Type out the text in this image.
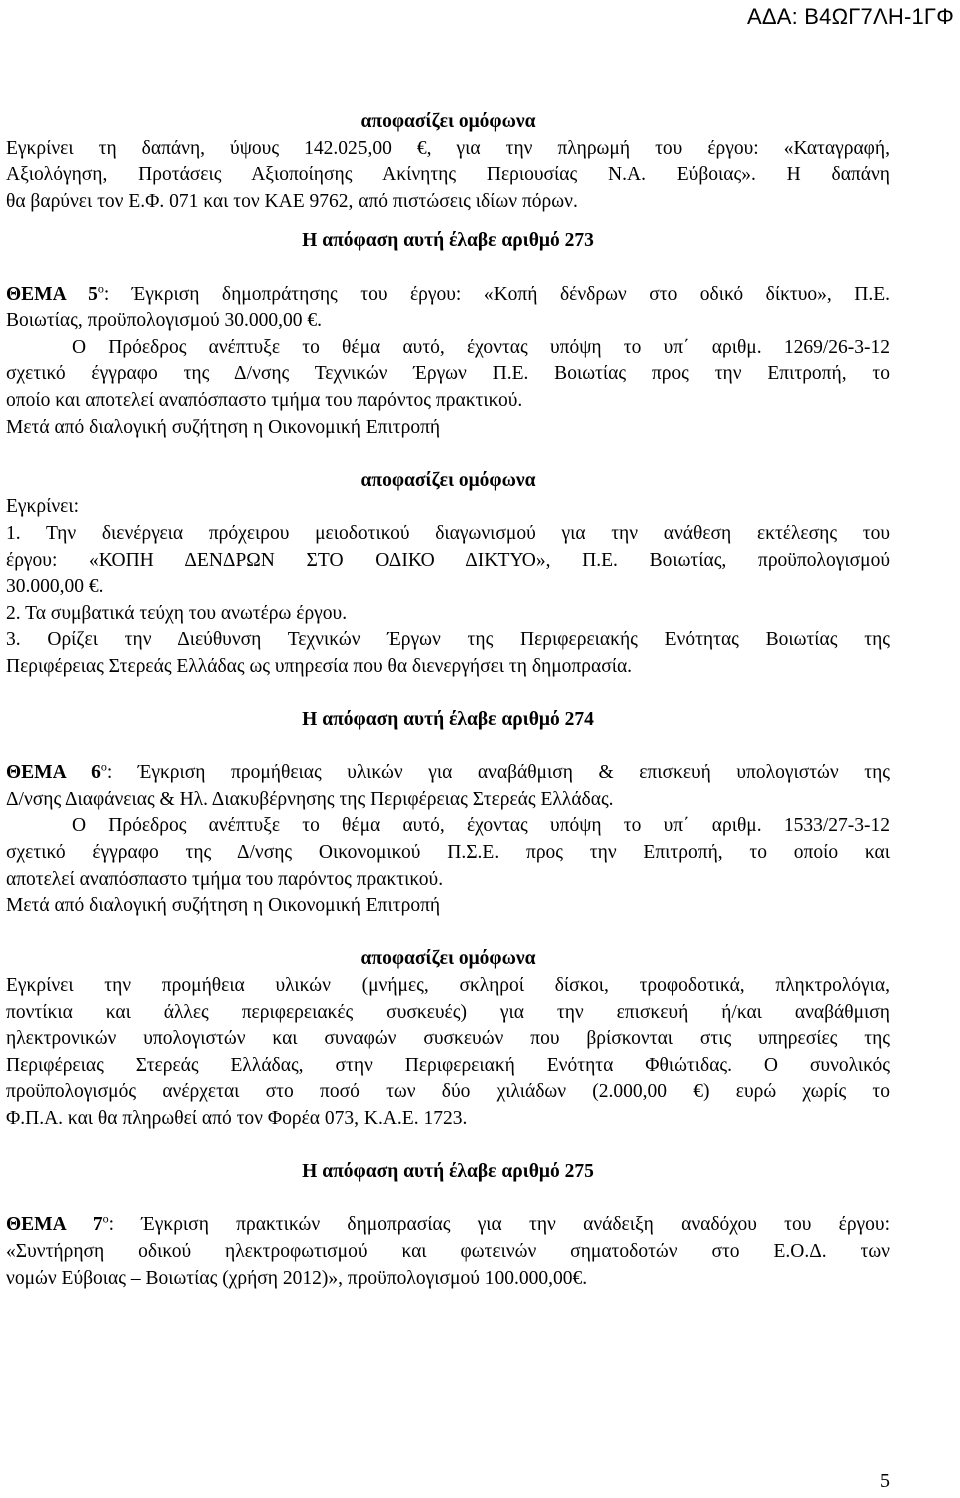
ΑΔΑ: Β4ΩΓ7ΛΗ-1ΓΦ

αποφασίζει ομόφωνα

Εγκρίνει τη δαπάνη, ύψους 142.025,00 €, για την πληρωμή του έργου: «Καταγραφή,

Αξιολόγηση, Προτάσεις Αξιοποίησης Ακίνητης Περιουσίας Ν.Α. Εύβοιας». Η δαπάνη

θα βαρύνει τον Ε.Φ. 071 και τον ΚΑΕ 9762, από πιστώσεις ιδίων πόρων.

Η απόφαση αυτή έλαβε αριθμό 273

ΘΕΜΑ $5^o$: Έγκριση δημοπράτησης του έργου: «Κοπή δένδρων στο οδικό δίκτυο», Π.Ε.

Βοιωτίας, προϋπολογισμού 30.000,00 €.

Ο Πρόεδρος ανέπτυξε το θέμα αυτό, έχοντας υπόψη το υπ΄ αριθμ. 1269/26-3-12

σχετικό έγγραφο της Δ/νσης Τεχνικών Έργων Π.Ε. Βοιωτίας προς την Επιτροπή, το

οποίο και αποτελεί αναπόσπαστο τμήμα του παρόντος πρακτικού.

Μετά από διαλογική συζήτηση η Οικονομική Επιτροπή

αποφασίζει ομόφωνα

Εγκρίνει:

1. Την διενέργεια πρόχειρου μειοδοτικού διαγωνισμού για την ανάθεση εκτέλεσης του

έργου: «ΚΟΠΗ ΔΕΝΔΡΩΝ ΣΤΟ ΟΔΙΚΟ ΔΙΚΤΥΟ», Π.Ε. Βοιωτίας, προϋπολογισμού

30.000,00 €.

2. Τα συμβατικά τεύχη του ανωτέρω έργου.

3. Ορίζει την Διεύθυνση Τεχνικών Έργων της Περιφερειακής Ενότητας Βοιωτίας της

Περιφέρειας Στερεάς Ελλάδας ως υπηρεσία που θα διενεργήσει τη δημοπρασία.

Η απόφαση αυτή έλαβε αριθμό 274

ΘΕΜΑ $6^o$: Έγκριση προμήθειας υλικών για αναβάθμιση & επισκευή υπολογιστών της

Δ/νσης Διαφάνειας & Ηλ. Διακυβέρνησης της Περιφέρειας Στερεάς Ελλάδας.

Ο Πρόεδρος ανέπτυξε το θέμα αυτό, έχοντας υπόψη το υπ΄ αριθμ. 1533/27-3-12

σχετικό έγγραφο της Δ/νσης Οικονομικού Π.Σ.Ε. προς την Επιτροπή, το οποίο και

αποτελεί αναπόσπαστο τμήμα του παρόντος πρακτικού.

Μετά από διαλογική συζήτηση η Οικονομική Επιτροπή

αποφασίζει ομόφωνα

Εγκρίνει την προμήθεια υλικών (μνήμες, σκληροί δίσκοι, τροφοδοτικά, πληκτρολόγια,

ποντίκια και άλλες περιφερειακές συσκευές) για την επισκευή ή/και αναβάθμιση

ηλεκτρονικών υπολογιστών και συναφών συσκευών που βρίσκονται στις υπηρεσίες της

Περιφέρειας Στερεάς Ελλάδας, στην Περιφερειακή Ενότητα Φθιώτιδας. Ο συνολικός

προϋπολογισμός ανέρχεται στο ποσό των δύο χιλιάδων (2.000,00 €) ευρώ χωρίς το

Φ.Π.Α. και θα πληρωθεί από τον Φορέα 073, Κ.Α.Ε. 1723.

Η απόφαση αυτή έλαβε αριθμό 275

ΘΕΜΑ $7^o$: Έγκριση πρακτικών δημοπρασίας για την ανάδειξη αναδόχου του έργου:

«Συντήρηση οδικού ηλεκτροφωτισμού και φωτεινών σηματοδοτών στο Ε.Ο.Δ. των

νομών Εύβοιας – Βοιωτίας (χρήση 2012)», προϋπολογισμού 100.000,00€.

5
